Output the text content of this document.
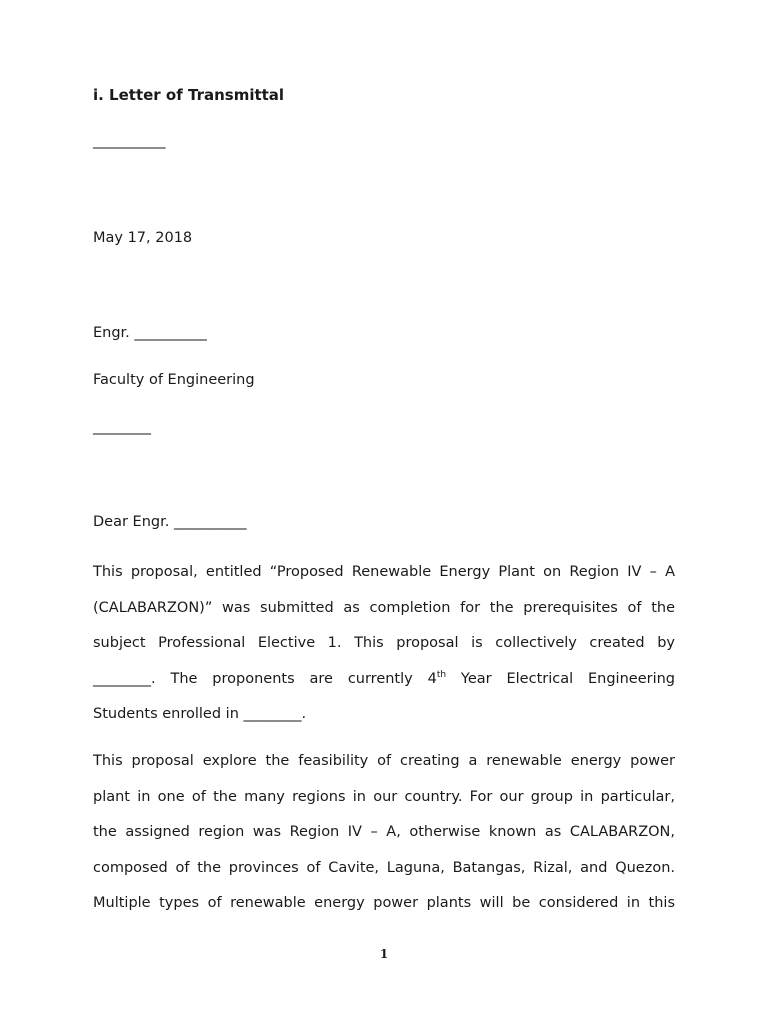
i. Letter of Transmittal
__________
May 17, 2018
Engr. __________
Faculty of Engineering
________
Dear Engr. __________
This proposal, entitled “Proposed Renewable Energy Plant on Region IV – A
(CALABARZON)” was submitted as completion for the prerequisites of the
subject Professional Elective 1. This proposal is collectively created by
________. The proponents are currently 4th Year Electrical Engineering
Students enrolled in ________.
This proposal explore the feasibility of creating a renewable energy power
plant in one of the many regions in our country. For our group in particular,
the assigned region was Region IV – A, otherwise known as CALABARZON,
composed of the provinces of Cavite, Laguna, Batangas, Rizal, and Quezon.
Multiple types of renewable energy power plants will be considered in this
1
